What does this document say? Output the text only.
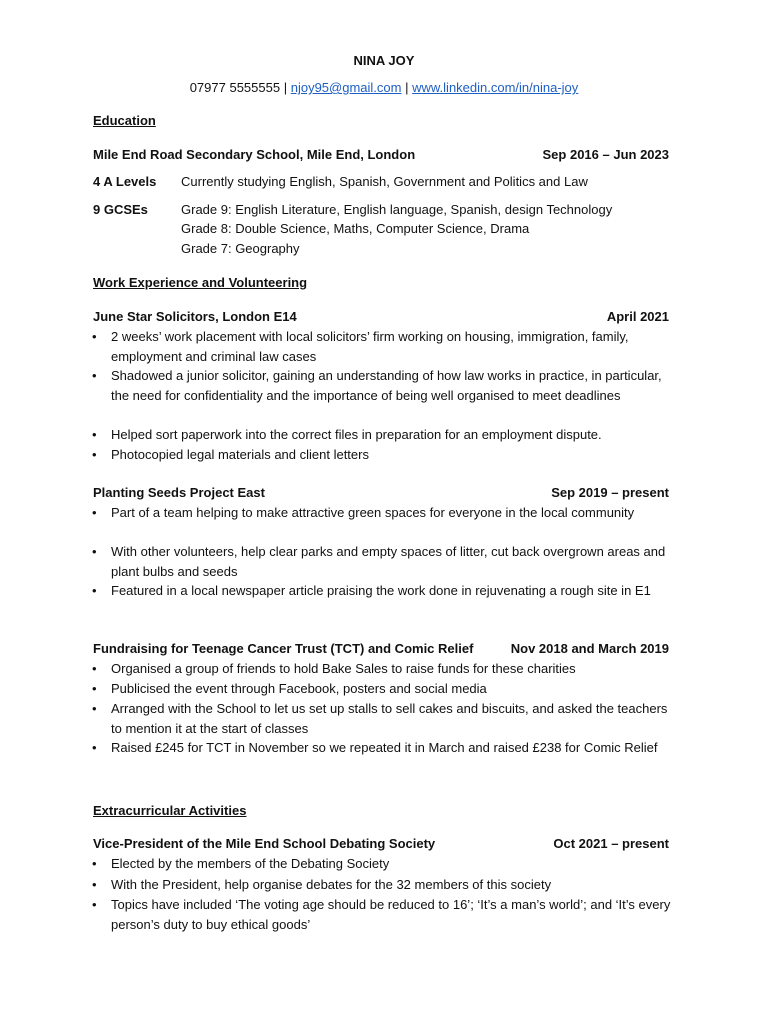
NINA JOY
07977 5555555 | njoy95@gmail.com | www.linkedin.com/in/nina-joy
Education
Mile End Road Secondary School, Mile End, London	Sep 2016 – Jun 2023
4 A Levels Currently studying English, Spanish, Government and Politics and Law
9 GCSEs	Grade 9: English Literature, English language, Spanish, design Technology
Grade 8: Double Science, Maths, Computer Science, Drama
Grade 7: Geography
Work Experience and Volunteering
June Star Solicitors, London E14	April 2021
• 2 weeks’ work placement with local solicitors’ firm working on housing, immigration, family, employment and criminal law cases
• Shadowed a junior solicitor, gaining an understanding of how law works in practice, in particular, the need for confidentiality and the importance of being well organised to meet deadlines
• Helped sort paperwork into the correct files in preparation for an employment dispute.
• Photocopied legal materials and client letters
Planting Seeds Project East	Sep 2019 – present
• Part of a team helping to make attractive green spaces for everyone in the local community
• With other volunteers, help clear parks and empty spaces of litter, cut back overgrown areas and plant bulbs and seeds
• Featured in a local newspaper article praising the work done in rejuvenating a rough site in E1
Fundraising for Teenage Cancer Trust (TCT) and Comic Relief	Nov 2018 and March 2019
• Organised a group of friends to hold Bake Sales to raise funds for these charities
• Publicised the event through Facebook, posters and social media
• Arranged with the School to let us set up stalls to sell cakes and biscuits, and asked the teachers to mention it at the start of classes
• Raised £245 for TCT in November so we repeated it in March and raised £238 for Comic Relief
Extracurricular Activities
Vice-President of the Mile End School Debating Society	Oct 2021 – present
• Elected by the members of the Debating Society
• With the President, help organise debates for the 32 members of this society
• Topics have included ‘The voting age should be reduced to 16’; ‘It’s a man’s world’; and ‘It’s every person’s duty to buy ethical goods’
